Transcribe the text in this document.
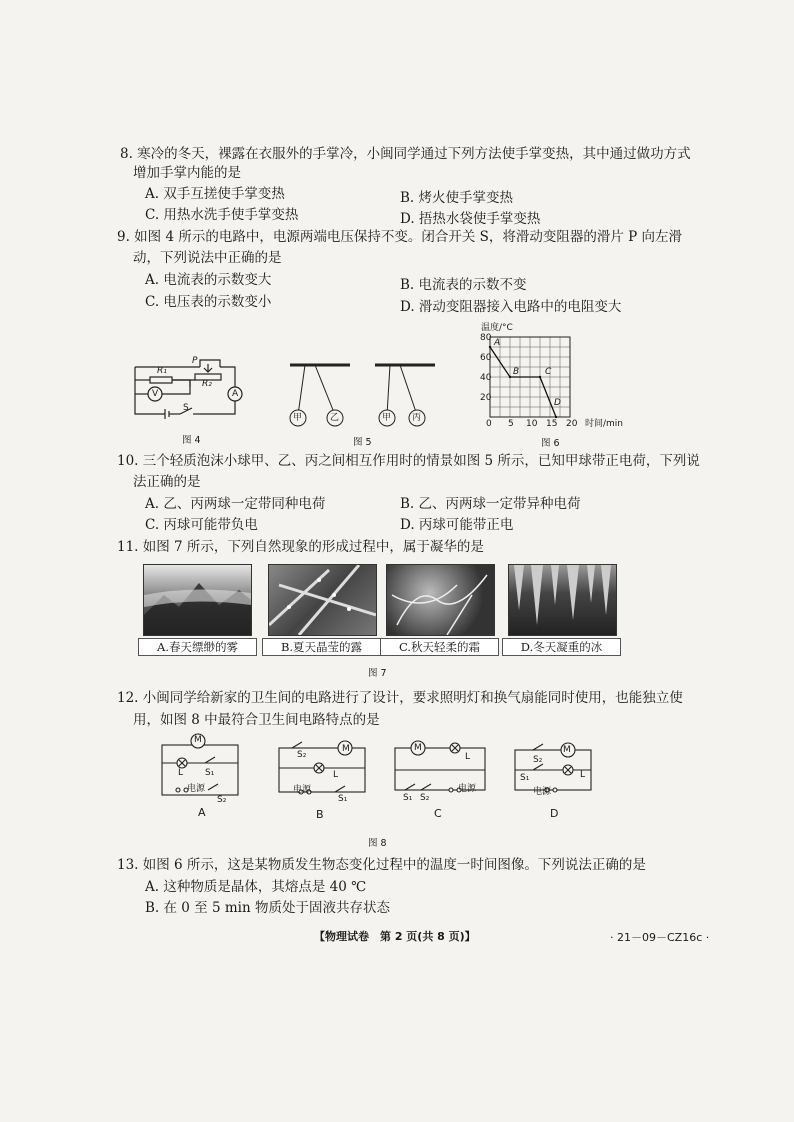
8. 寒冷的冬天，裸露在衣服外的手掌冷，小闽同学通过下列方法使手掌变热，其中通过做功方式
增加手掌内能的是
A. 双手互搓使手掌变热	B. 烤火使手掌变热
C. 用热水洗手使手掌变热	D. 捂热水袋使手掌变热
9. 如图 4 所示的电路中，电源两端电压保持不变。闭合开关 S，将滑动变阻器的滑片 P 向左滑
动，下列说法中正确的是
A. 电流表的示数变大	B. 电流表的示数不变
C. 电压表的示数变小	D. 滑动变阻器接入电路中的电阻变大
P
R₁
R₂
V	A
S
图 4
甲	乙	甲 丙
图 5
温度/°C
80
60
40
20
0 5 10 15 20 时间/min
A
B	C
D
图 6
10. 三个轻质泡沫小球甲、乙、丙之间相互作用时的情景如图 5 所示，已知甲球带正电荷，下列说
法正确的是
A. 乙、丙两球一定带同种电荷	B. 乙、丙两球一定带异种电荷
C. 丙球可能带负电	D. 丙球可能带正电
11. 如图 7 所示，下列自然现象的形成过程中，属于凝华的是
A.春天缥缈的雾	B.夏天晶莹的露	C.秋天轻柔的霜	D.冬天凝重的冰
图 7
12. 小闽同学给新家的卫生间的电路进行了设计，要求照明灯和换气扇能同时使用，也能独立使
用，如图 8 中最符合卫生间电路特点的是
M
L S₁
电源
S₂
A
S₂
M
L
电源
S₁
B
M
L
S₁ S₂
电源
C
M
S₂
S₁	L
电源
D
图 8
13. 如图 6 所示，这是某物质发生物态变化过程中的温度一时间图像。下列说法正确的是
A. 这种物质是晶体，其熔点是 40 ℃
B. 在 0 至 5 min 物质处于固液共存状态
【物理试卷　第 2 页(共 8 页)】	· 21－09－CZ16c ·
